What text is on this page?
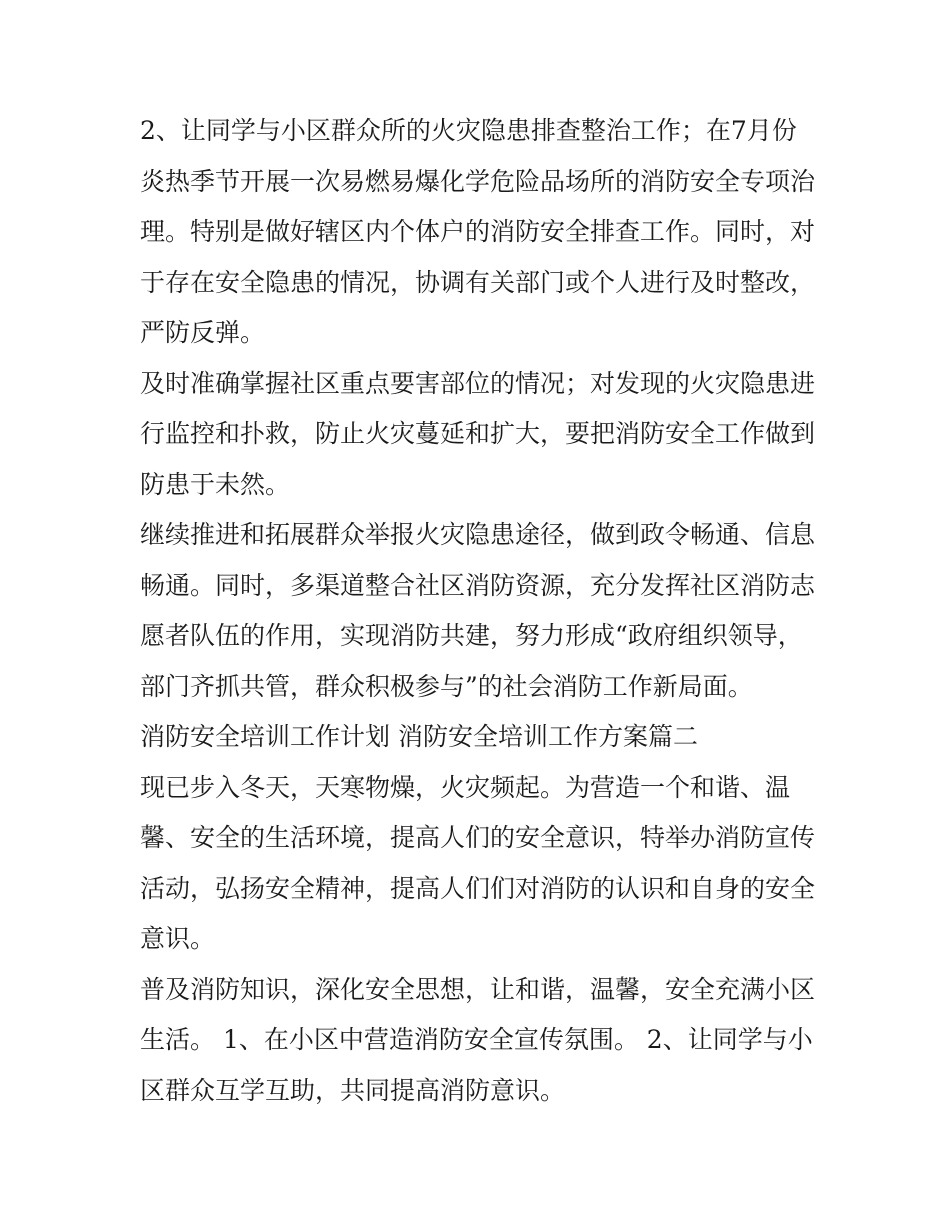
2、让同学与小区群众所的火灾隐患排查整治工作；在7月份
炎热季节开展一次易燃易爆化学危险品场所的消防安全专项治
理。特别是做好辖区内个体户的消防安全排查工作。同时，对
于存在安全隐患的情况，协调有关部门或个人进行及时整改，
严防反弹。

及时准确掌握社区重点要害部位的情况；对发现的火灾隐患进
行监控和扑救，防止火灾蔓延和扩大，要把消防安全工作做到
防患于未然。

继续推进和拓展群众举报火灾隐患途径，做到政令畅通、信息
畅通。同时，多渠道整合社区消防资源，充分发挥社区消防志
愿者队伍的作用，实现消防共建，努力形成“政府组织领导，
部门齐抓共管，群众积极参与”的社会消防工作新局面。

消防安全培训工作计划 消防安全培训工作方案篇二

现已步入冬天，天寒物燥，火灾频起。为营造一个和谐、温
馨、安全的生活环境，提高人们的安全意识，特举办消防宣传
活动，弘扬安全精神，提高人们们对消防的认识和自身的安全
意识。

普及消防知识，深化安全思想，让和谐，温馨，安全充满小区
生活。 1、在小区中营造消防安全宣传氛围。 2、让同学与小
区群众互学互助，共同提高消防意识。
